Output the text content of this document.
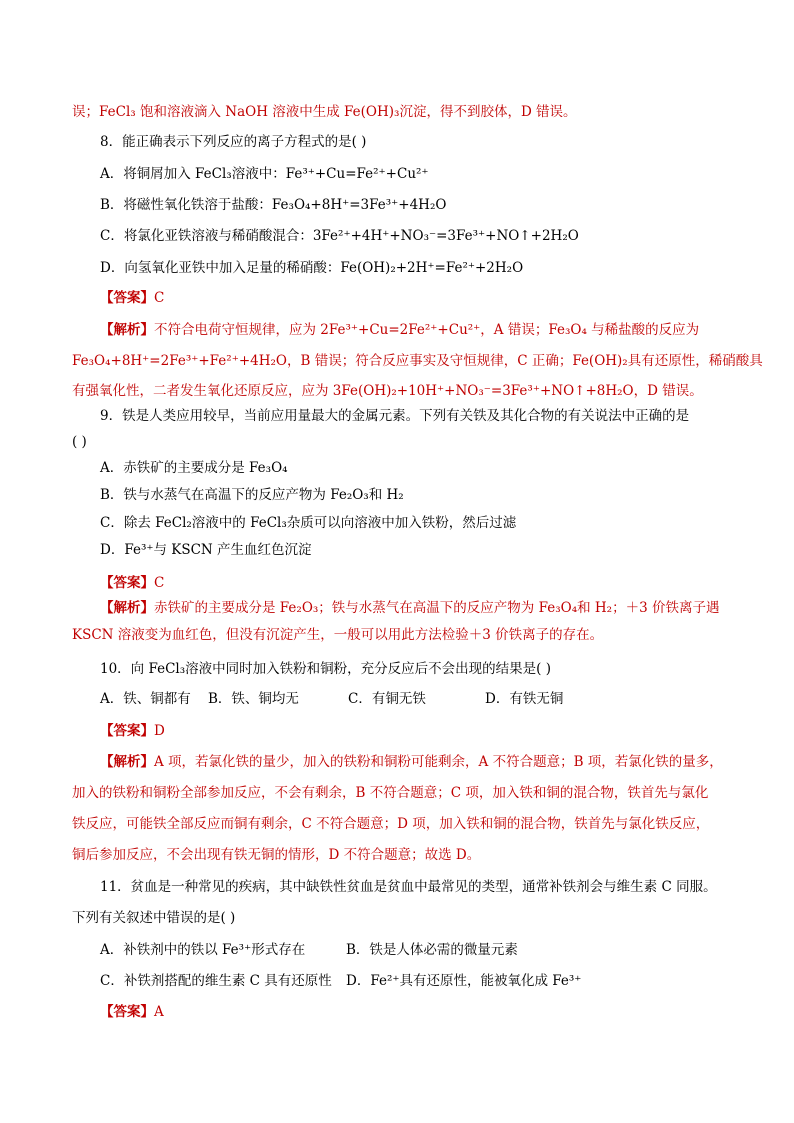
误；FeCl₃ 饱和溶液滴入 NaOH 溶液中生成 Fe(OH)₃沉淀，得不到胶体，D 错误。
8．能正确表示下列反应的离子方程式的是( )
A．将铜屑加入 FeCl₃溶液中：Fe³⁺+Cu=Fe²⁺+Cu²⁺
B．将磁性氧化铁溶于盐酸：Fe₃O₄+8H⁺=3Fe³⁺+4H₂O
C．将氯化亚铁溶液与稀硝酸混合：3Fe²⁺+4H⁺+NO₃⁻=3Fe³⁺+NO↑+2H₂O
D．向氢氧化亚铁中加入足量的稀硝酸：Fe(OH)₂+2H⁺=Fe²⁺+2H₂O
【答案】C
【解析】不符合电荷守恒规律，应为 2Fe³⁺+Cu=2Fe²⁺+Cu²⁺，A 错误；Fe₃O₄ 与稀盐酸的反应为
Fe₃O₄+8H⁺=2Fe³⁺+Fe²⁺+4H₂O，B 错误；符合反应事实及守恒规律，C 正确；Fe(OH)₂具有还原性，稀硝酸具
有强氧化性，二者发生氧化还原反应，应为 3Fe(OH)₂+10H⁺+NO₃⁻=3Fe³⁺+NO↑+8H₂O，D 错误。
9．铁是人类应用较早，当前应用量最大的金属元素。下列有关铁及其化合物的有关说法中正确的是
( )
A．赤铁矿的主要成分是 Fe₃O₄
B．铁与水蒸气在高温下的反应产物为 Fe₂O₃和 H₂
C．除去 FeCl₂溶液中的 FeCl₃杂质可以向溶液中加入铁粉，然后过滤
D．Fe³⁺与 KSCN 产生血红色沉淀
【答案】C
【解析】赤铁矿的主要成分是 Fe₂O₃；铁与水蒸气在高温下的反应产物为 Fe₃O₄和 H₂；＋3 价铁离子遇
KSCN 溶液变为血红色，但没有沉淀产生，一般可以用此方法检验＋3 价铁离子的存在。
10．向 FeCl₃溶液中同时加入铁粉和铜粉，充分反应后不会出现的结果是( )
A．铁、铜都有 B．铁、铜均无	C．有铜无铁	D．有铁无铜
【答案】D
【解析】A 项，若氯化铁的量少，加入的铁粉和铜粉可能剩余，A 不符合题意；B 项，若氯化铁的量多，
加入的铁粉和铜粉全部参加反应，不会有剩余，B 不符合题意；C 项，加入铁和铜的混合物，铁首先与氯化
铁反应，可能铁全部反应而铜有剩余，C 不符合题意；D 项，加入铁和铜的混合物，铁首先与氯化铁反应，
铜后参加反应，不会出现有铁无铜的情形，D 不符合题意；故选 D。
11．贫血是一种常见的疾病，其中缺铁性贫血是贫血中最常见的类型，通常补铁剂会与维生素 C 同服。
下列有关叙述中错误的是( )
A．补铁剂中的铁以 Fe³⁺形式存在	B．铁是人体必需的微量元素
C．补铁剂搭配的维生素 C 具有还原性 D．Fe²⁺具有还原性，能被氧化成 Fe³⁺
【答案】A
